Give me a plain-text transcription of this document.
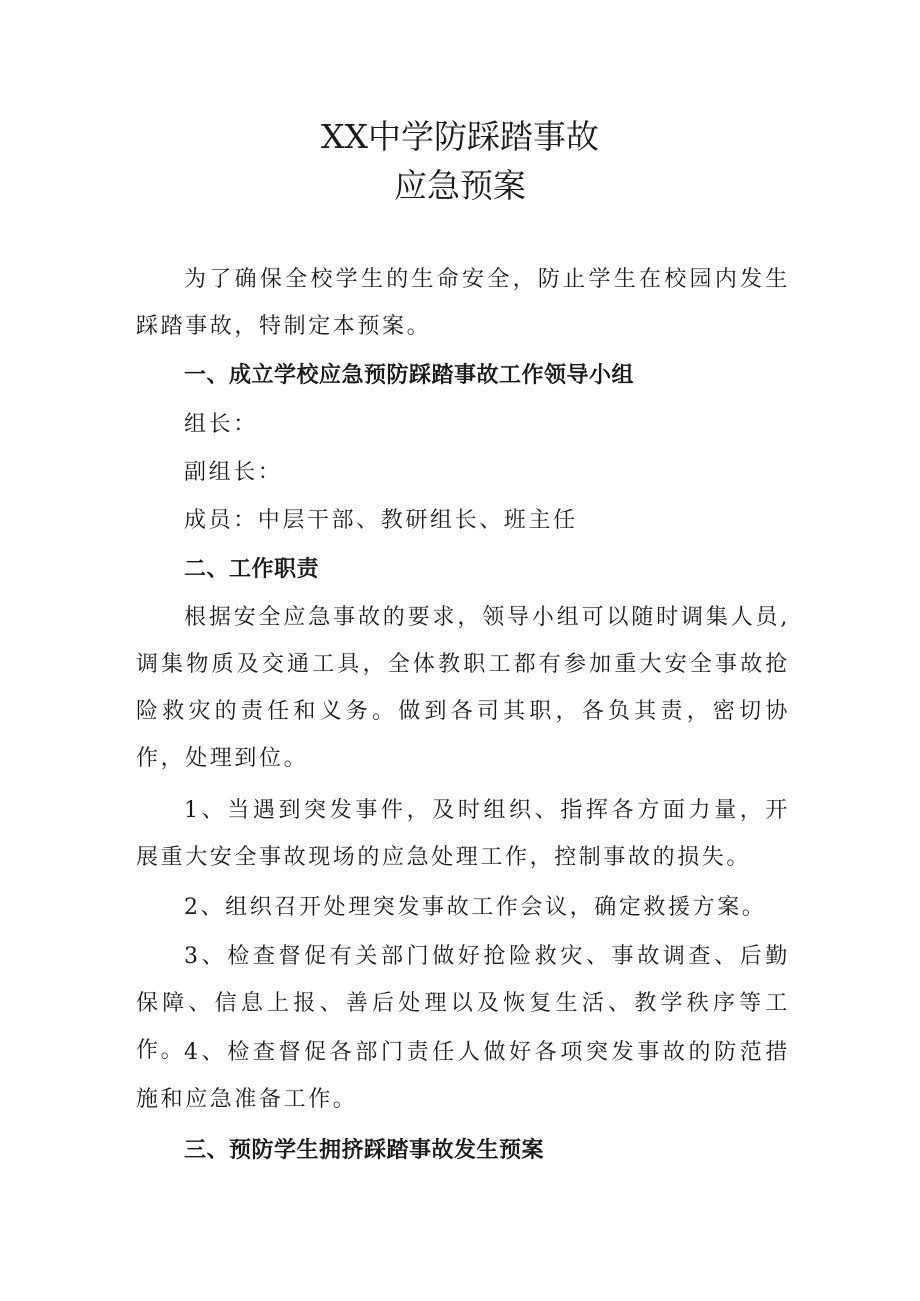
XX中学防踩踏事故
应急预案

为了确保全校学生的生命安全，防止学生在校园内发生踩踏事故，特制定本预案。

一、成立学校应急预防踩踏事故工作领导小组
组长：
副组长：
成员：中层干部、教研组长、班主任
二、工作职责

根据安全应急事故的要求，领导小组可以随时调集人员,调集物质及交通工具，全体教职工都有参加重大安全事故抢险救灾的责任和义务。做到各司其职，各负其责，密切协作，处理到位。

1、当遇到突发事件，及时组织、指挥各方面力量，开展重大安全事故现场的应急处理工作，控制事故的损失。

2、组织召开处理突发事故工作会议，确定救援方案。

3、检查督促有关部门做好抢险救灾、事故调查、后勤保障、信息上报、善后处理以及恢复生活、教学秩序等工作。

4、检查督促各部门责任人做好各项突发事故的防范措施和应急准备工作。

三、预防学生拥挤踩踏事故发生预案
